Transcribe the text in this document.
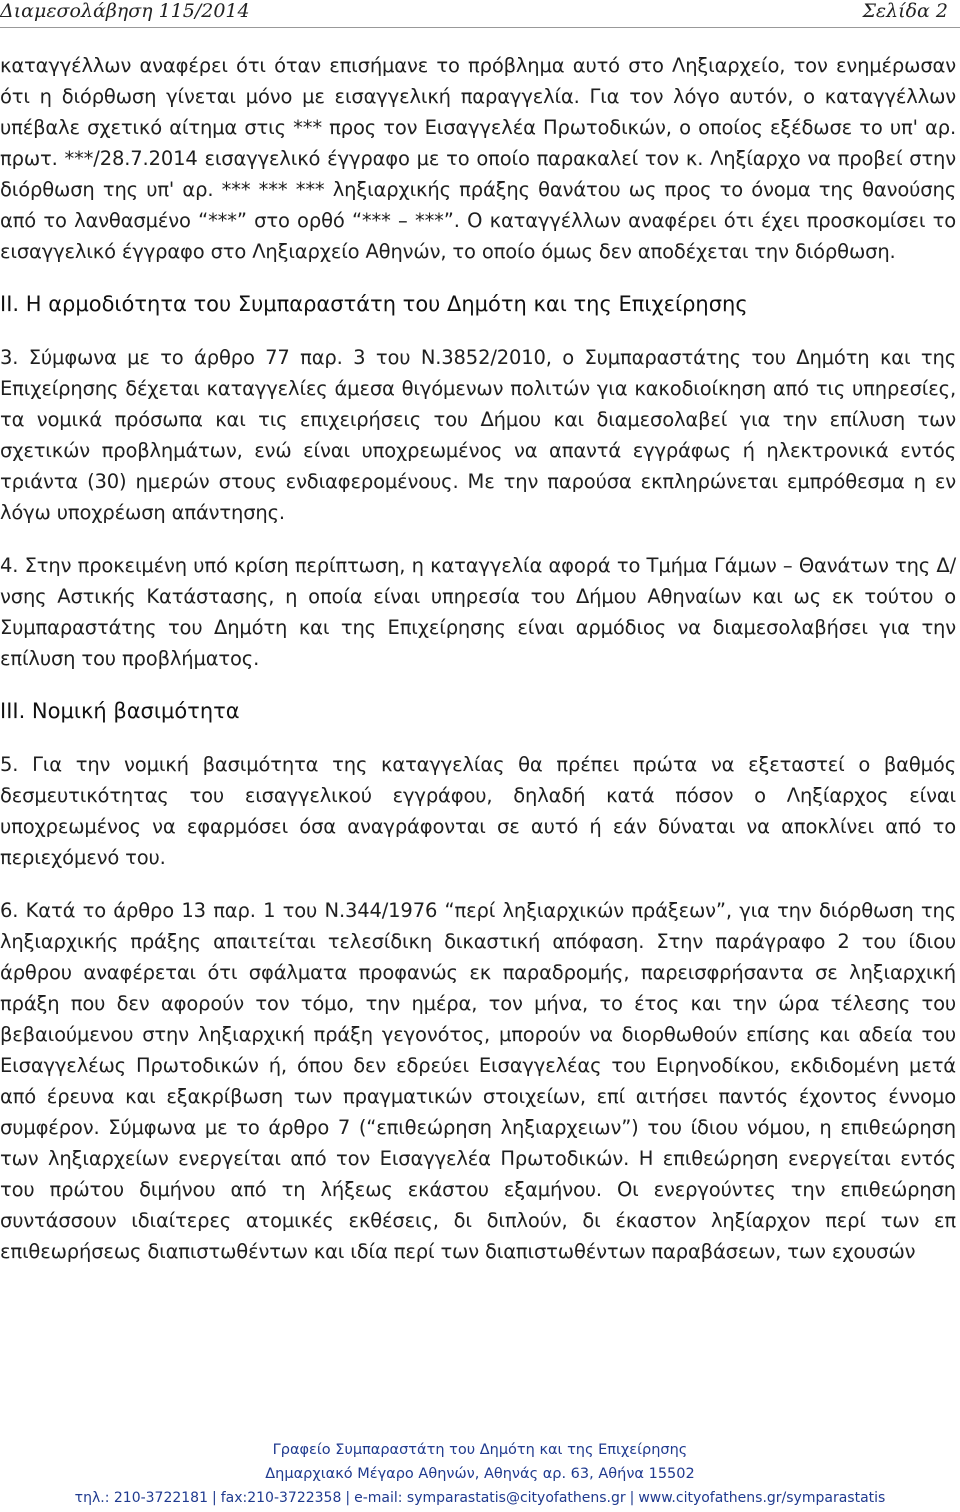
Διαμεσολάβηση 115/2014	Σελίδα 2

καταγγέλλων αναφέρει ότι όταν επισήμανε το πρόβλημα αυτό στο Ληξιαρχείο, τον ενημέρωσαν ότι η διόρθωση γίνεται μόνο με εισαγγελική παραγγελία. Για τον λόγο αυτόν, ο καταγγέλλων υπέβαλε σχετικό αίτημα στις *** προς τον Εισαγγελέα Πρωτοδικών, ο οποίος εξέδωσε το υπ' αρ. πρωτ. ***/28.7.2014 εισαγγελικό έγγραφο με το οποίο παρακαλεί τον κ. Ληξίαρχο να προβεί στην διόρθωση της υπ' αρ. *** *** *** ληξιαρχικής πράξης θανάτου ως προς το όνομα της θανούσης από το λανθασμένο “***” στο ορθό “*** – ***”. Ο καταγγέλλων αναφέρει ότι έχει προσκομίσει το εισαγγελικό έγγραφο στο Ληξιαρχείο Αθηνών, το οποίο όμως δεν αποδέχεται την διόρθωση.

ΙΙ. Η αρμοδιότητα του Συμπαραστάτη του Δημότη και της Επιχείρησης

3. Σύμφωνα με το άρθρο 77 παρ. 3 του Ν.3852/2010, ο Συμπαραστάτης του Δημότη και της Επιχείρησης δέχεται καταγγελίες άμεσα θιγόμενων πολιτών για κακοδιοίκηση από τις υπηρεσίες, τα νομικά πρόσωπα και τις επιχειρήσεις του Δήμου και διαμεσολαβεί για την επίλυση των σχετικών προβλημάτων, ενώ είναι υποχρεωμένος να απαντά εγγράφως ή ηλεκτρονικά εντός τριάντα (30) ημερών στους ενδιαφερομένους. Με την παρούσα εκπληρώνεται εμπρόθεσμα η εν λόγω υποχρέωση απάντησης.

4. Στην προκειμένη υπό κρίση περίπτωση, η καταγγελία αφορά το Τμήμα Γάμων – Θανάτων της Δ/νσης Αστικής Κατάστασης, η οποία είναι υπηρεσία του Δήμου Αθηναίων και ως εκ τούτου ο Συμπαραστάτης του Δημότη και της Επιχείρησης είναι αρμόδιος να διαμεσολαβήσει για την επίλυση του προβλήματος.

ΙΙΙ. Νομική βασιμότητα

5. Για την νομική βασιμότητα της καταγγελίας θα πρέπει πρώτα να εξεταστεί ο βαθμός δεσμευτικότητας του εισαγγελικού εγγράφου, δηλαδή κατά πόσον ο Ληξίαρχος είναι υποχρεωμένος να εφαρμόσει όσα αναγράφονται σε αυτό ή εάν δύναται να αποκλίνει από το περιεχόμενό του.

6. Κατά το άρθρο 13 παρ. 1 του Ν.344/1976 “περί ληξιαρχικών πράξεων”, για την διόρθωση της ληξιαρχικής πράξης απαιτείται τελεσίδικη δικαστική απόφαση. Στην παράγραφο 2 του ίδιου άρθρου αναφέρεται ότι σφάλματα προφανώς εκ παραδρομής, παρεισφρήσαντα σε ληξιαρχική πράξη που δεν αφορούν τον τόμο, την ημέρα, τον μήνα, το έτος και την ώρα τέλεσης του βεβαιούμενου στην ληξιαρχική πράξη γεγονότος, μπορούν να διορθωθούν επίσης και αδεία του Εισαγγελέως Πρωτοδικών ή, όπου δεν εδρεύει Εισαγγελέας του Ειρηνοδίκου, εκδιδομένη μετά από έρευνα και εξακρίβωση των πραγματικών στοιχείων, επί αιτήσει παντός έχοντος έννομο συμφέρον. Σύμφωνα με το άρθρο 7 (“επιθεώρηση ληξιαρχειων”) του ίδιου νόμου, η επιθεώρηση των ληξιαρχείων ενεργείται από τον Εισαγγελέα Πρωτοδικών. Η επιθεώρηση ενεργείται εντός του πρώτου διμήνου από τη λήξεως εκάστου εξαμήνου. Οι ενεργούντες την επιθεώρηση συντάσσουν ιδιαίτερες ατομικές εκθέσεις, δι διπλούν, δι έκαστον ληξίαρχον περί των επ επιθεωρήσεως διαπιστωθέντων και ιδία περί των διαπιστωθέντων παραβάσεων, των εχουσών

Γραφείο Συμπαραστάτη του Δημότη και της Επιχείρησης
Δημαρχιακό Μέγαρο Αθηνών, Αθηνάς αρ. 63, Αθήνα 15502
τηλ.: 210-3722181 | fax:210-3722358 | e-mail: symparastatis@cityofathens.gr | www.cityofathens.gr/symparastatis
